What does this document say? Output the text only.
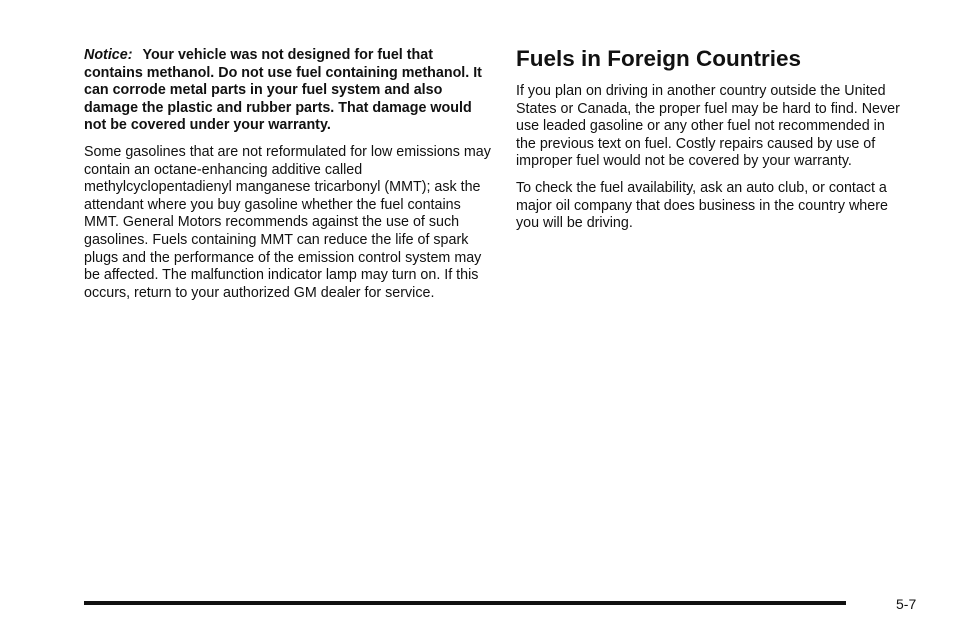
Notice: Your vehicle was not designed for fuel that contains methanol. Do not use fuel containing methanol. It can corrode metal parts in your fuel system and also damage the plastic and rubber parts. That damage would not be covered under your warranty.

Some gasolines that are not reformulated for low emissions may contain an octane-enhancing additive called methylcyclopentadienyl manganese tricarbonyl (MMT); ask the attendant where you buy gasoline whether the fuel contains MMT. General Motors recommends against the use of such gasolines. Fuels containing MMT can reduce the life of spark plugs and the performance of the emission control system may be affected. The malfunction indicator lamp may turn on. If this occurs, return to your authorized GM dealer for service.

Fuels in Foreign Countries

If you plan on driving in another country outside the United States or Canada, the proper fuel may be hard to find. Never use leaded gasoline or any other fuel not recommended in the previous text on fuel. Costly repairs caused by use of improper fuel would not be covered by your warranty.

To check the fuel availability, ask an auto club, or contact a major oil company that does business in the country where you will be driving.

5-7
